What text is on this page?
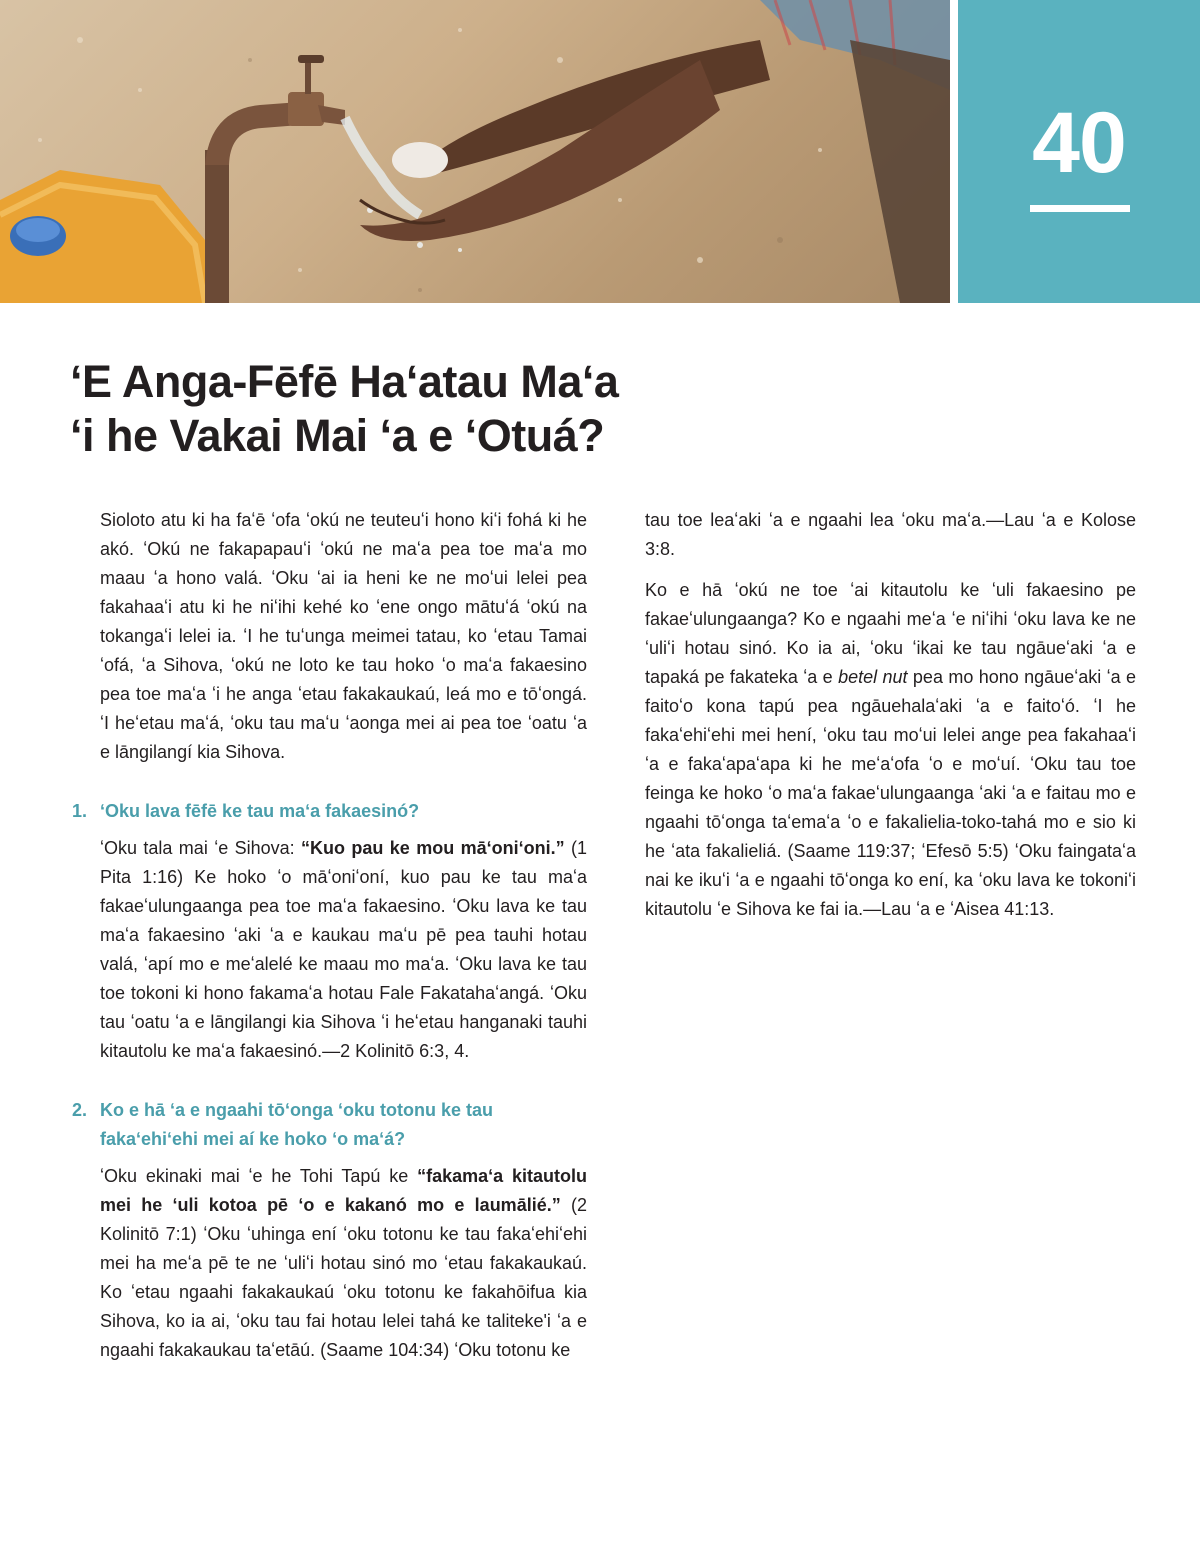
40
ʻE Anga-Fēfē Haʻatau Maʻa
ʻi he Vakai Mai ʻa e ʻOtuá?

Sioloto atu ki ha faʻē ʻofa ʻokú ne teuteuʻi hono kiʻi fohá ki he akó. ʻOkú ne fakapapauʻi ʻokú ne maʻa pea toe maʻa mo maau ʻa hono valá. ʻOku ʻai ia heni ke ne moʻui lelei pea fakahaaʻi atu ki he niʻihi kehé ko ʻene ongo mātuʻá ʻokú na tokangaʻi lelei ia. ʻI he tuʻunga meimei tatau, ko ʻetau Tamai ʻofá, ʻa Sihova, ʻokú ne loto ke tau hoko ʻo maʻa fakaesino pea toe maʻa ʻi he anga ʻetau fakakaukaú, leá mo e tōʻongá. ʻI heʻetau maʻá, ʻoku tau maʻu ʻaonga mei ai pea toe ʻoatu ʻa e lāngilangí kia Sihova.

1. ʻOku lava fēfē ke tau maʻa fakaesinó?

ʻOku tala mai ʻe Sihova: “Kuo pau ke mou māʻoniʻoni.” (1 Pita 1:16) Ke hoko ʻo māʻoniʻoní, kuo pau ke tau maʻa fakaeʻulungaanga pea toe maʻa fakaesino. ʻOku lava ke tau maʻa fakaesino ʻaki ʻa e kaukau maʻu pē pea tauhi hotau valá, ʻapí mo e meʻalelé ke maau mo maʻa. ʻOku lava ke tau toe tokoni ki hono fakamaʻa hotau Fale Fakatahaʻangá. ʻOku tau ʻoatu ʻa e lāngilangi kia Sihova ʻi heʻetau hanganaki tauhi kitautolu ke maʻa fakaesinó.—2 Kolinitō 6:3, 4.

2. Ko e hā ʻa e ngaahi tōʻonga ʻoku totonu ke tau fakaʻehiʻehi mei aí ke hoko ʻo maʻá?

ʻOku ekinaki mai ʻe he Tohi Tapú ke “fakamaʻa kitautolu mei he ʻuli kotoa pē ʻo e kakanó mo e laumālié.” (2 Kolinitō 7:1) ʻOku ʻuhinga ení ʻoku totonu ke tau fakaʻehiʻehi mei ha meʻa pē te ne ʻuliʻi hotau sinó mo ʻetau fakakaukaú. Ko ʻetau ngaahi fakakaukaú ʻoku totonu ke fakahōifua kia Sihova, ko ia ai, ʻoku tau fai hotau lelei tahá ke taliteke'i ʻa e ngaahi fakakaukau taʻetāú. (Saame 104:34) ʻOku totonu ke

tau toe leaʻaki ʻa e ngaahi lea ʻoku maʻa.—Lau ʻa e Kolose 3:8.

Ko e hā ʻokú ne toe ʻai kitautolu ke ʻuli fakaesino pe fakaeʻulungaanga? Ko e ngaahi meʻa ʻe niʻihi ʻoku lava ke ne ʻuliʻi hotau sinó. Ko ia ai, ʻoku ʻikai ke tau ngāueʻaki ʻa e tapaká pe fakateka ʻa e betel nut pea mo hono ngāueʻaki ʻa e faitoʻo kona tapú pea ngāuehalaʻaki ʻa e faitoʻó. ʻI he fakaʻehiʻehi mei hení, ʻoku tau moʻui lelei ange pea fakahaaʻi ʻa e fakaʻapaʻapa ki he meʻaʻofa ʻo e moʻuí. ʻOku tau toe feinga ke hoko ʻo maʻa fakaeʻulungaanga ʻaki ʻa e faitau mo e ngaahi tōʻonga taʻemaʻa ʻo e fakalielia-toko-tahá mo e sio ki he ʻata fakalieliá. (Saame 119:37; ʻEfesō 5:5) ʻOku faingataʻa nai ke ikuʻi ʻa e ngaahi tōʻonga ko ení, ka ʻoku lava ke tokoniʻi kitautolu ʻe Sihova ke fai ia.—Lau ʻa e ʻAisea 41:13.
